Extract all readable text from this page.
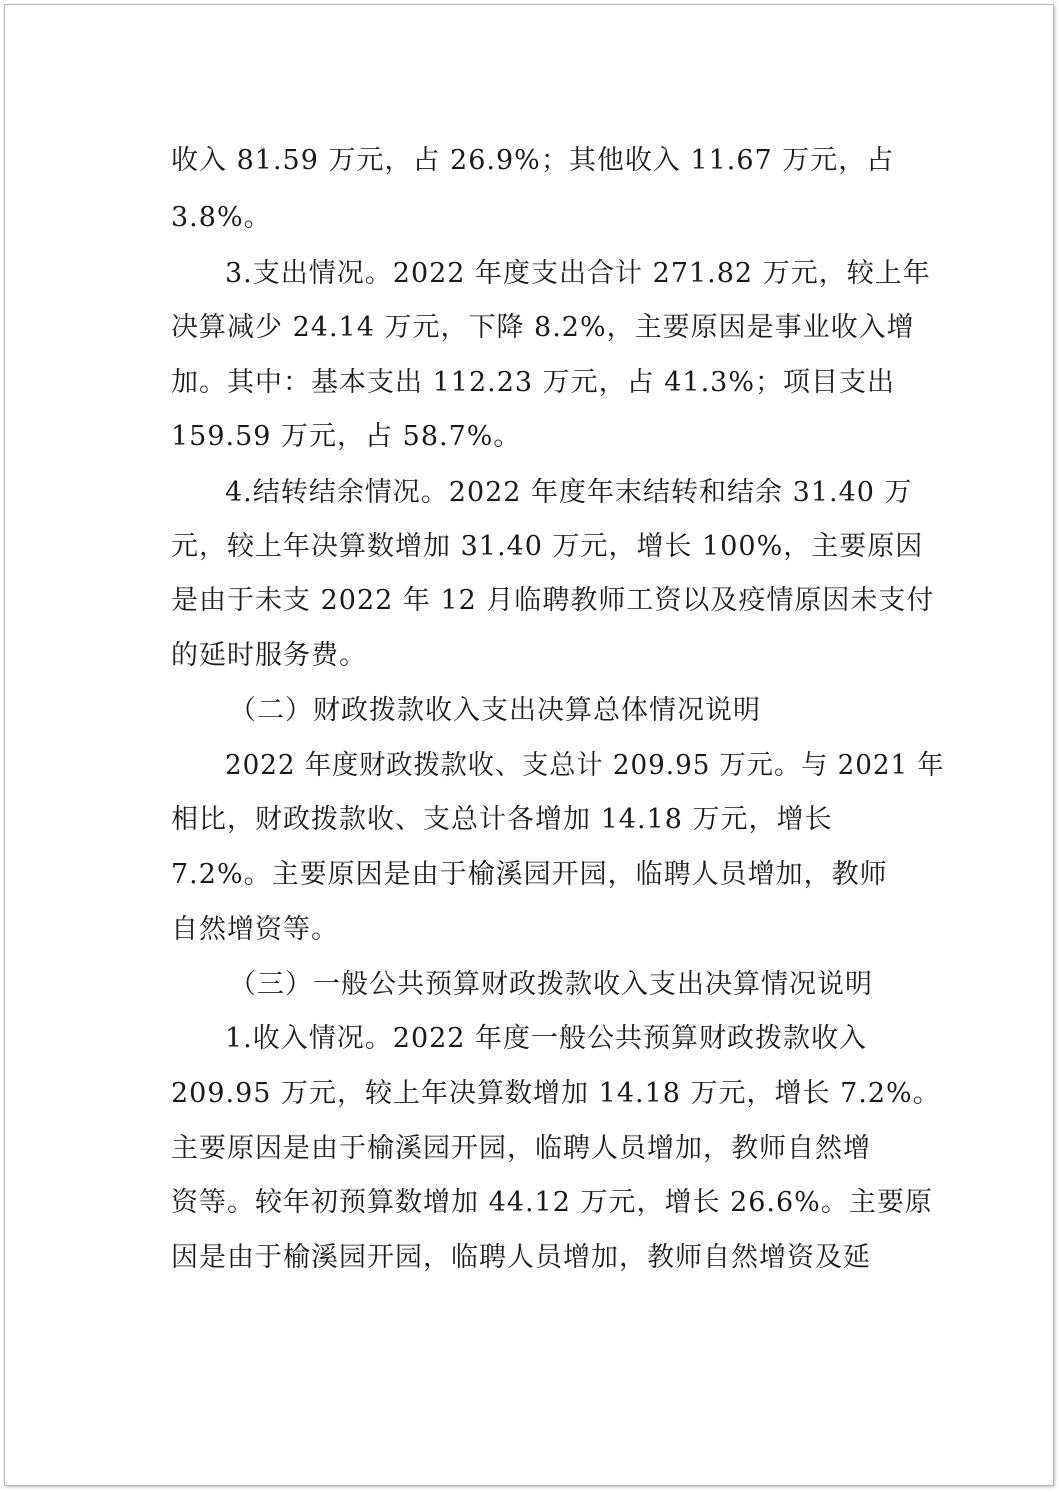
收入 81.59 万元，占 26.9%；其他收入 11.67 万元，占

3.8%。

3.支出情况。2022 年度支出合计 271.82 万元，较上年

决算减少 24.14 万元，下降 8.2%，主要原因是事业收入增

加。其中：基本支出 112.23 万元，占 41.3%；项目支出

159.59 万元，占 58.7%。

4.结转结余情况。2022 年度年末结转和结余 31.40 万

元，较上年决算数增加 31.40 万元，增长 100%，主要原因

是由于未支 2022 年 12 月临聘教师工资以及疫情原因未支付

的延时服务费。

（二）财政拨款收入支出决算总体情况说明

2022 年度财政拨款收、支总计 209.95 万元。与 2021 年

相比，财政拨款收、支总计各增加 14.18 万元，增长

7.2%。主要原因是由于榆溪园开园，临聘人员增加，教师

自然增资等。

（三）一般公共预算财政拨款收入支出决算情况说明

1.收入情况。2022 年度一般公共预算财政拨款收入

209.95 万元，较上年决算数增加 14.18 万元，增长 7.2%。

主要原因是由于榆溪园开园，临聘人员增加，教师自然增

资等。较年初预算数增加 44.12 万元，增长 26.6%。主要原

因是由于榆溪园开园，临聘人员增加，教师自然增资及延
